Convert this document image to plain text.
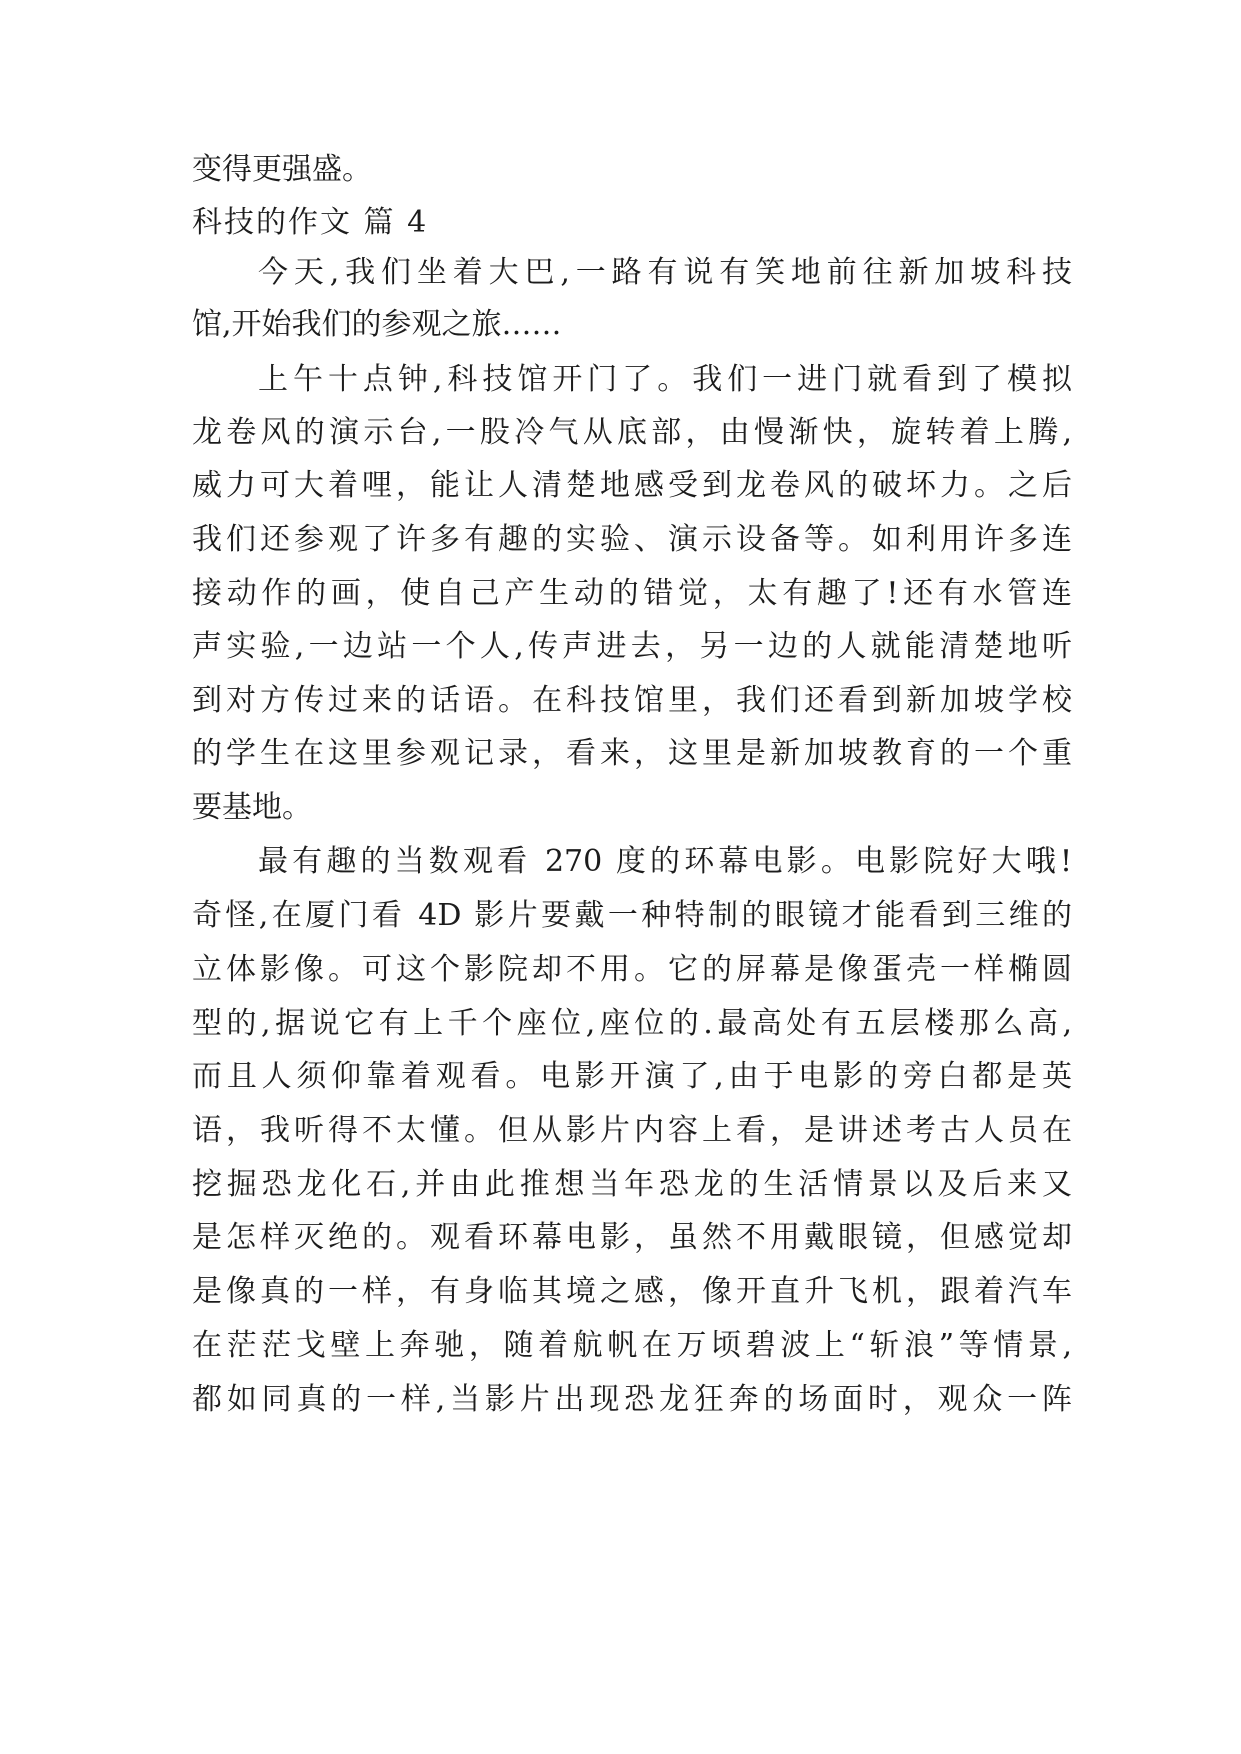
变得更强盛。
科技的作文 篇 4
今天,我们坐着大巴,一路有说有笑地前往新加坡科技
馆,开始我们的参观之旅……
上午十点钟,科技馆开门了。我们一进门就看到了模拟
龙卷风的演示台,一股冷气从底部，由慢渐快，旋转着上腾,
威力可大着哩，能让人清楚地感受到龙卷风的破坏力。之后
我们还参观了许多有趣的实验、演示设备等。如利用许多连
接动作的画，使自己产生动的错觉，太有趣了!还有水管连
声实验,一边站一个人,传声进去，另一边的人就能清楚地听
到对方传过来的话语。在科技馆里，我们还看到新加坡学校
的学生在这里参观记录，看来，这里是新加坡教育的一个重
要基地。
最有趣的当数观看 270 度的环幕电影。电影院好大哦!
奇怪,在厦门看 4D 影片要戴一种特制的眼镜才能看到三维的
立体影像。可这个影院却不用。它的屏幕是像蛋壳一样椭圆
型的,据说它有上千个座位,座位的.最高处有五层楼那么高,
而且人须仰靠着观看。电影开演了,由于电影的旁白都是英
语，我听得不太懂。但从影片内容上看，是讲述考古人员在
挖掘恐龙化石,并由此推想当年恐龙的生活情景以及后来又
是怎样灭绝的。观看环幕电影，虽然不用戴眼镜，但感觉却
是像真的一样，有身临其境之感，像开直升飞机，跟着汽车
在茫茫戈壁上奔驰，随着航帆在万顷碧波上“斩浪”等情景,
都如同真的一样,当影片出现恐龙狂奔的场面时，观众一阵
